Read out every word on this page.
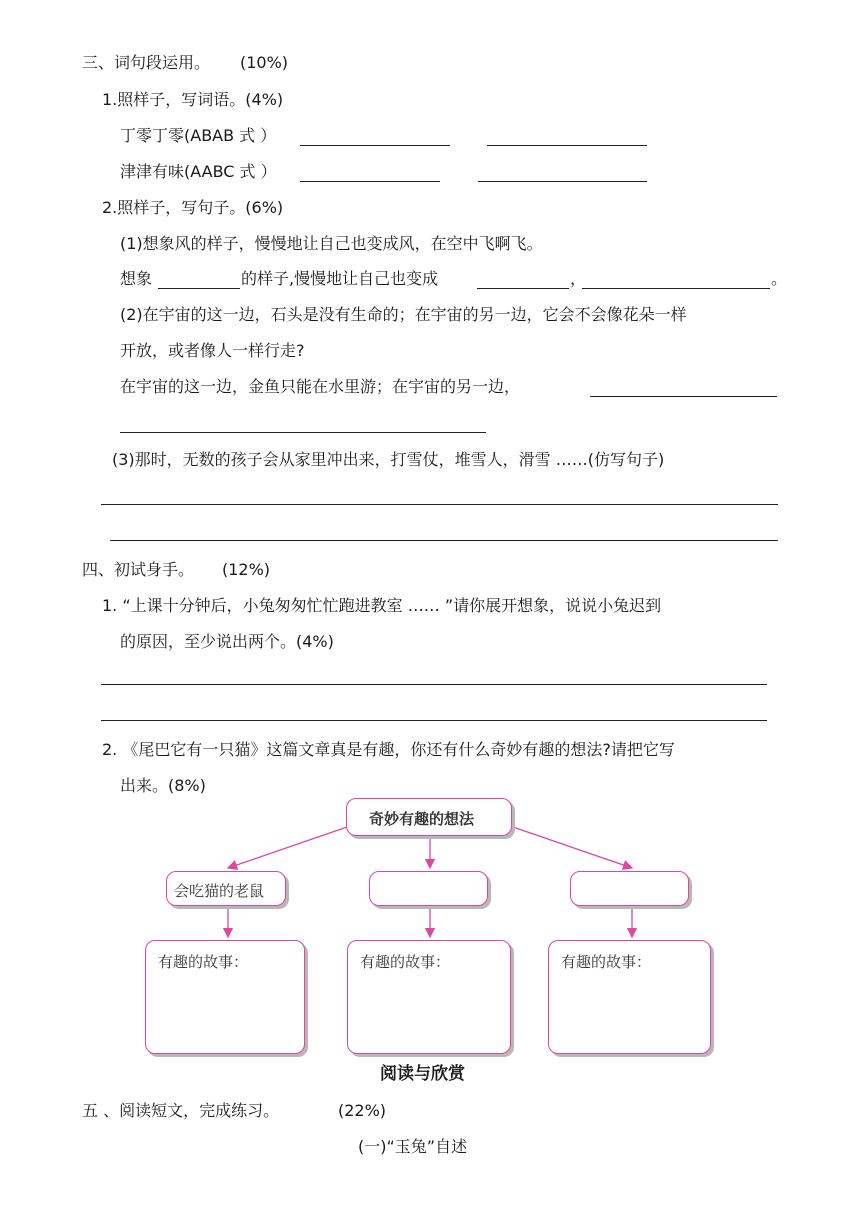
三、词句段运用。 (10%)
1.照样子，写词语。(4%)
丁零丁零(ABAB 式 ）
津津有味(AABC 式 ）
2.照样子，写句子。(6%)
(1)想象风的样子，慢慢地让自己也变成风，在空中飞啊飞。
想象	的样子,慢慢地让自己也变成	，	。
(2)在宇宙的这一边，石头是没有生命的；在宇宙的另一边，它会不会像花朵一样
开放，或者像人一样行走?
在宇宙的这一边，金鱼只能在水里游；在宇宙的另一边，
(3)那时，无数的孩子会从家里冲出来，打雪仗，堆雪人，滑雪 ……(仿写句子)
四、初试身手。 (12%)
1. “上课十分钟后，小兔匆匆忙忙跑进教室 …… ”请你展开想象，说说小兔迟到
的原因，至少说出两个。(4%)
2. 《尾巴它有一只猫》这篇文章真是有趣，你还有什么奇妙有趣的想法?请把它写
出来。(8%)
奇妙有趣的想法
会吃猫的老鼠
有趣的故事：	有趣的故事：	有趣的故事：
阅读与欣赏
五 、阅读短文，完成练习。	(22%)
(一)“玉兔”自述
